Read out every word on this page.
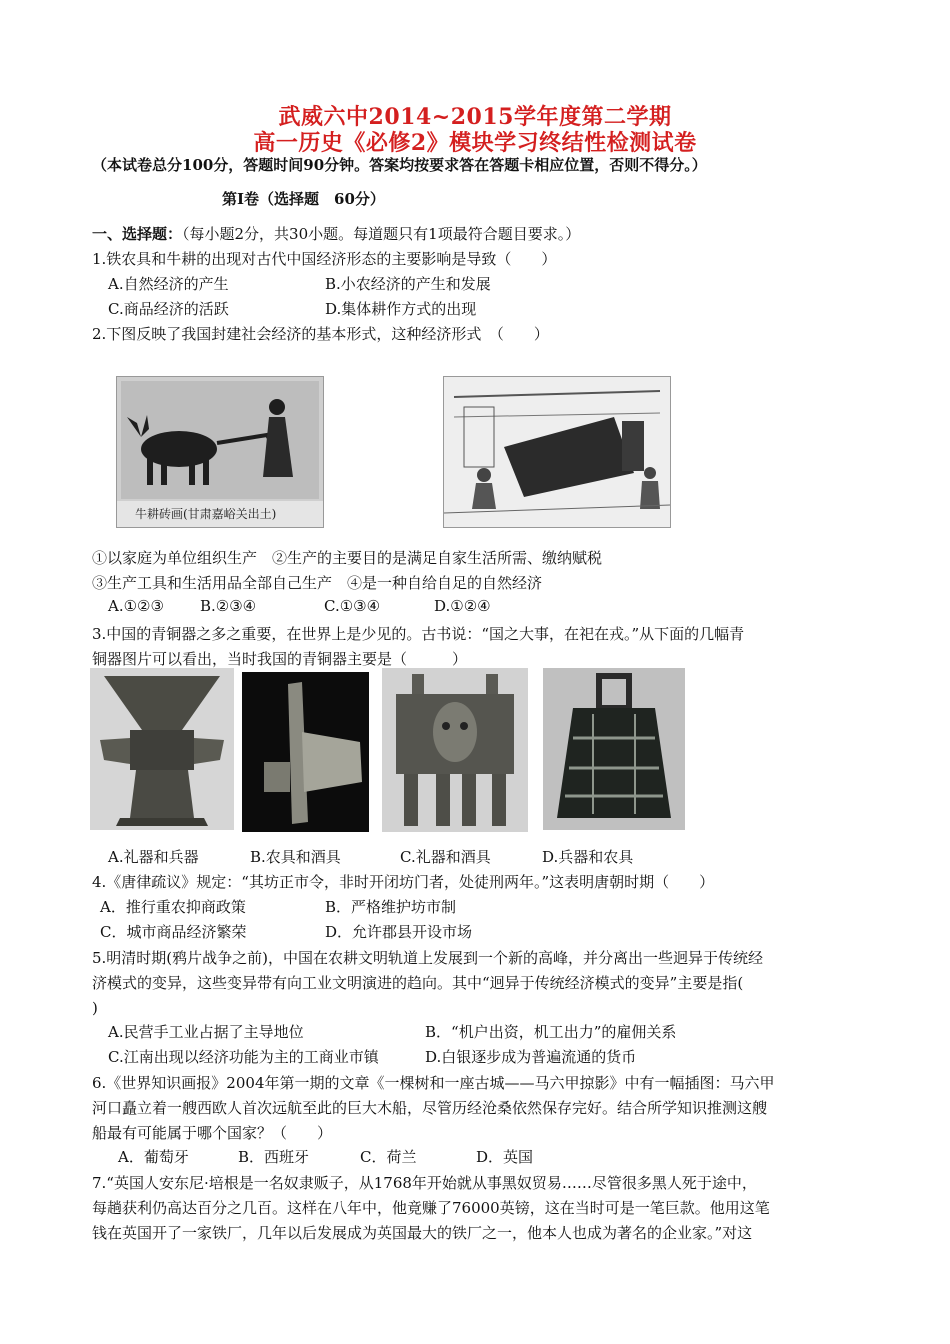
武威六中2014~2015学年度第二学期
高一历史《必修2》模块学习终结性检测试卷
（本试卷总分100分，答题时间90分钟。答案均按要求答在答题卡相应位置，否则不得分。）
第Ⅰ卷（选择题　60分）
一、选择题：（每小题2分，共30小题。每道题只有1项最符合题目要求。）
1.铁农具和牛耕的出现对古代中国经济形态的主要影响是导致（　　）
A.自然经济的产生	B.小农经济的产生和发展
C.商品经济的活跃	D.集体耕作方式的出现
2.下图反映了我国封建社会经济的基本形式，这种经济形式　（　　）
牛耕砖画(甘肃嘉峪关出土)
①以家庭为单位组织生产　②生产的主要目的是满足自家生活所需、缴纳赋税
③生产工具和生活用品全部自己生产　④是一种自给自足的自然经济
A.①②③ B.②③④	C.①③④	D.①②④
3.中国的青铜器之多之重要，在世界上是少见的。古书说：“国之大事，在祀在戎。”从下面的几幅青
铜器图片可以看出，当时我国的青铜器主要是（　　　）
A.礼器和兵器	B.农具和酒具	C.礼器和酒具	D.兵器和农具
4.《唐律疏议》规定：“其坊正市令，非时开闭坊门者，处徒刑两年。”这表明唐朝时期（　　）
A．推行重农抑商政策	B．严格维护坊市制
C．城市商品经济繁荣	D．允许郡县开设市场
5.明清时期(鸦片战争之前)，中国在农耕文明轨道上发展到一个新的高峰，并分离出一些迥异于传统经
济模式的变异，这些变异带有向工业文明演进的趋向。其中“迥异于传统经济模式的变异”主要是指(
)
A.民营手工业占据了主导地位	B．“机户出资，机工出力”的雇佣关系
C.江南出现以经济功能为主的工商业市镇	D.白银逐步成为普遍流通的货币
6.《世界知识画报》2004年第一期的文章《一棵树和一座古城——马六甲掠影》中有一幅插图：马六甲
河口矗立着一艘西欧人首次远航至此的巨大木船，尽管历经沧桑依然保存完好。结合所学知识推测这艘
船最有可能属于哪个国家？（　　）
A．葡萄牙	B．西班牙	C．荷兰	D．英国
7.“英国人安东尼·培根是一名奴隶贩子，从1768年开始就从事黑奴贸易……尽管很多黑人死于途中，
每趟获利仍高达百分之几百。这样在八年中，他竟赚了76000英镑，这在当时可是一笔巨款。他用这笔
钱在英国开了一家铁厂，几年以后发展成为英国最大的铁厂之一，他本人也成为著名的企业家。”对这
